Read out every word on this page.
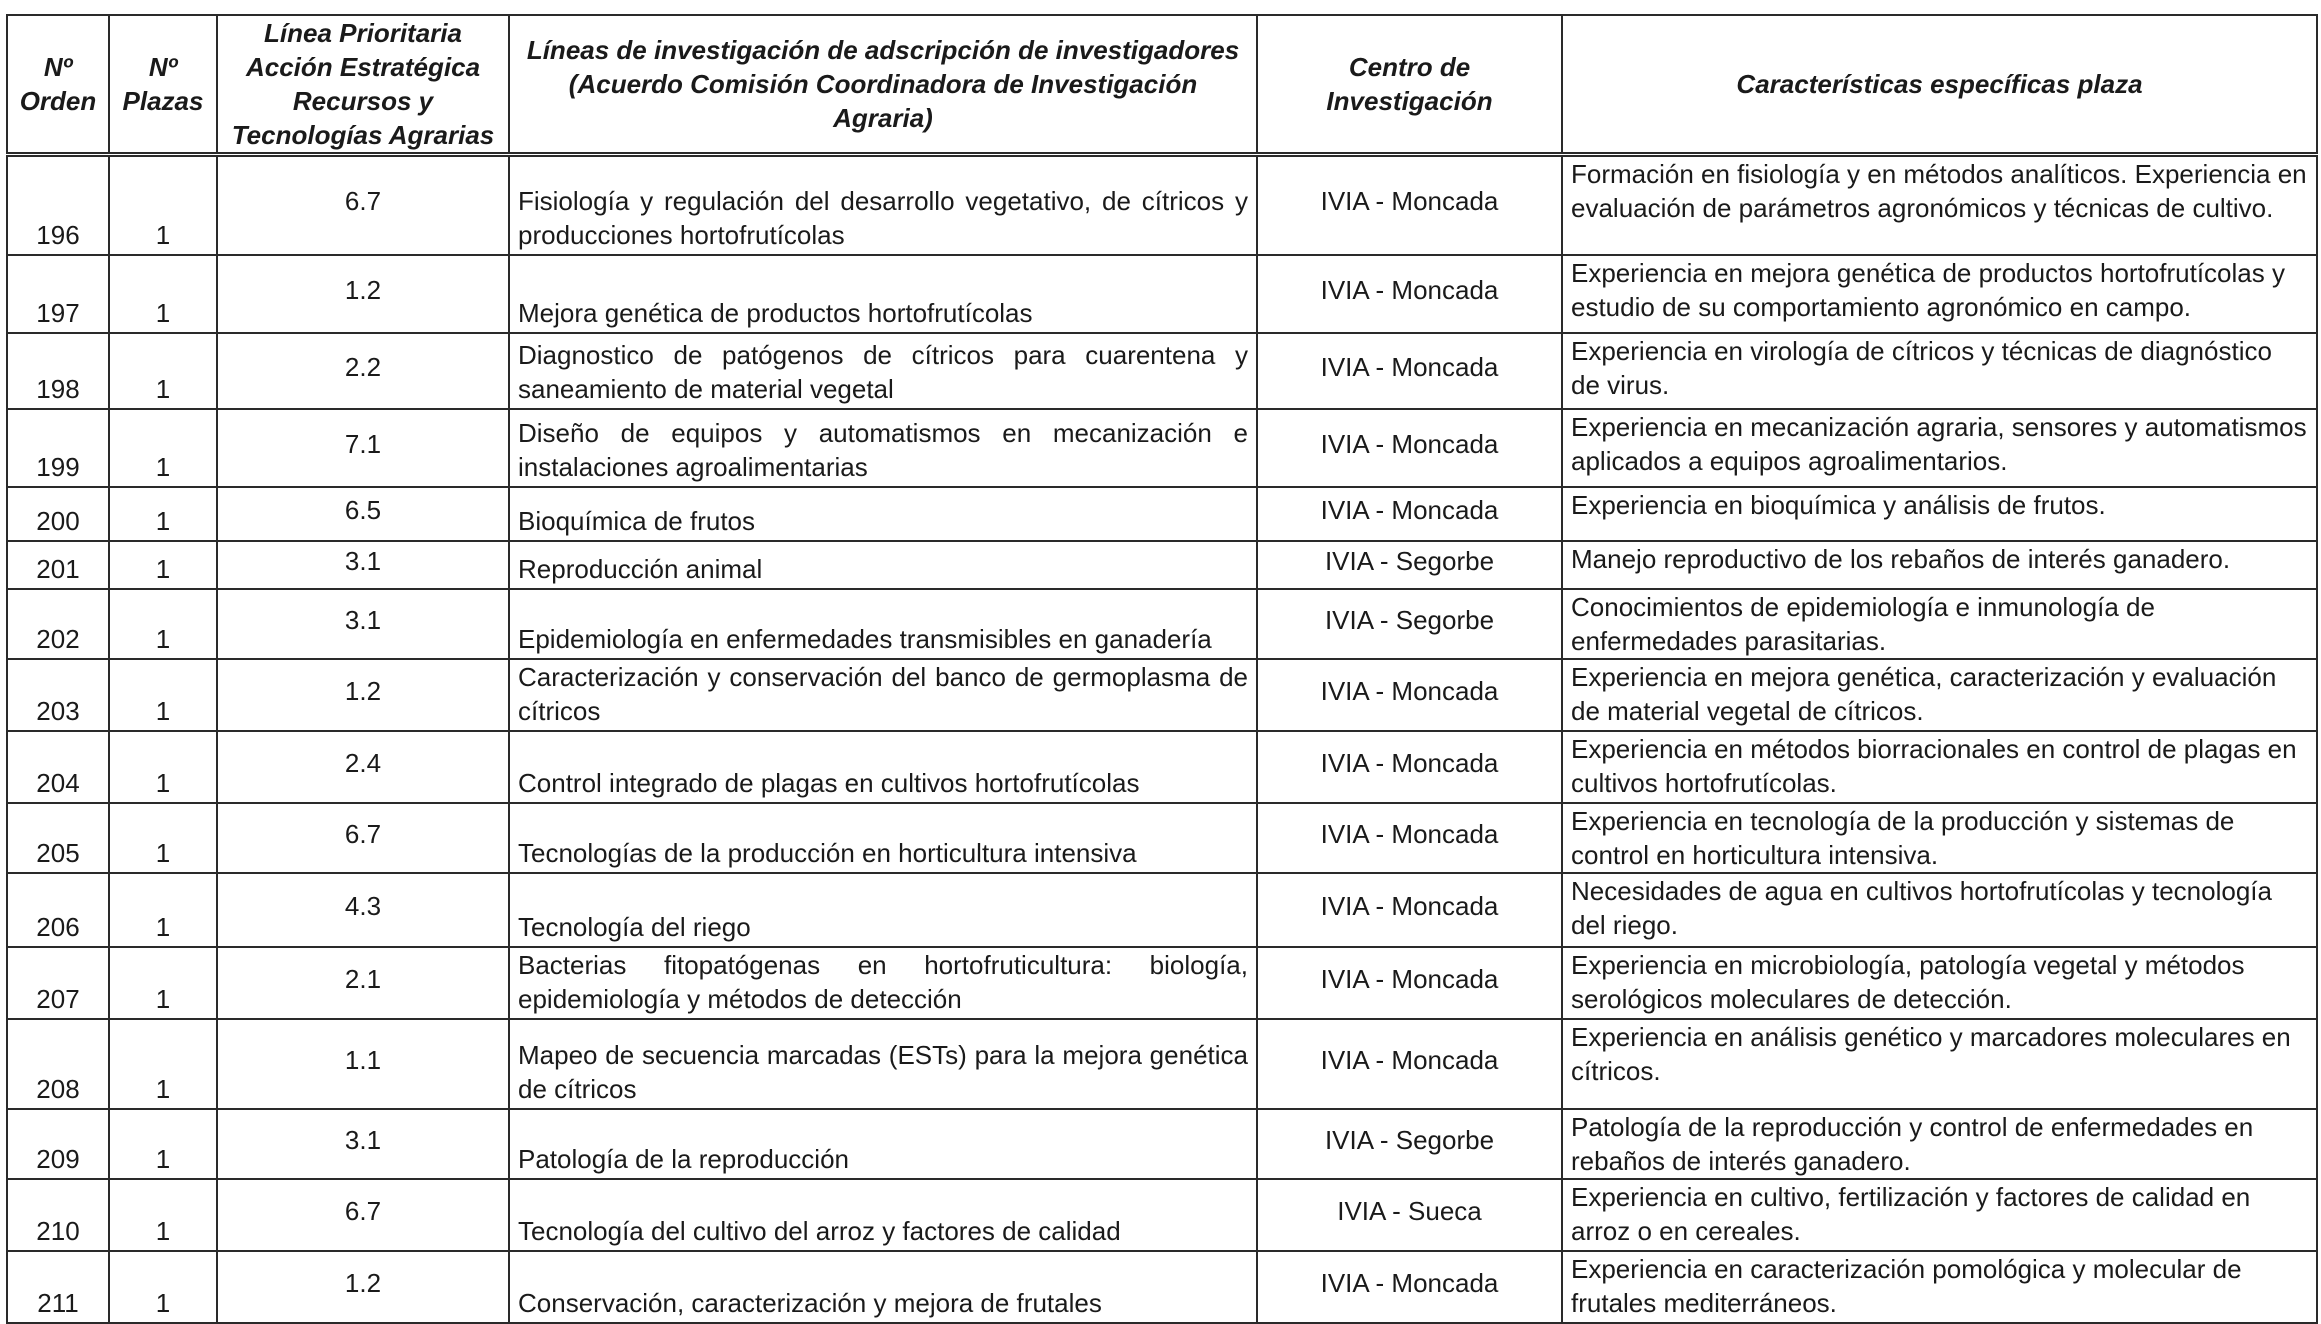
Nº Orden	Nº Plazas	Línea Prioritaria Acción Estratégica Recursos y Tecnologías Agrarias	Líneas de investigación de adscripción de investigadores (Acuerdo Comisión Coordinadora de Investigación Agraria)	Centro de Investigación	Características específicas plaza
196	1	6.7	Fisiología y regulación del desarrollo vegetativo, de cítricos y producciones hortofrutícolas	IVIA - Moncada	Formación en fisiología y en métodos analíticos. Experiencia en evaluación de parámetros agronómicos y técnicas de cultivo.
197	1	1.2	Mejora genética de productos hortofrutícolas	IVIA - Moncada	Experiencia en mejora genética de productos hortofrutícolas y estudio de su comportamiento agronómico en campo.
198	1	2.2	Diagnostico de patógenos de cítricos para cuarentena y saneamiento de material vegetal	IVIA - Moncada	Experiencia en virología de cítricos y técnicas de diagnóstico de virus.
199	1	7.1	Diseño de equipos y automatismos en mecanización e instalaciones agroalimentarias	IVIA - Moncada	Experiencia en mecanización agraria, sensores y automatismos aplicados a equipos agroalimentarios.
200	1	6.5	Bioquímica de frutos	IVIA - Moncada	Experiencia en bioquímica y análisis de frutos.
201	1	3.1	Reproducción animal	IVIA - Segorbe	Manejo reproductivo de los rebaños de interés ganadero.
202	1	3.1	Epidemiología en enfermedades transmisibles en ganadería	IVIA - Segorbe	Conocimientos de epidemiología e inmunología de enfermedades parasitarias.
203	1	1.2	Caracterización y conservación del banco de germoplasma de cítricos	IVIA - Moncada	Experiencia en mejora genética, caracterización y evaluación de material vegetal de cítricos.
204	1	2.4	Control integrado de plagas en cultivos hortofrutícolas	IVIA - Moncada	Experiencia en métodos biorracionales en control de plagas en cultivos hortofrutícolas.
205	1	6.7	Tecnologías de la producción en horticultura intensiva	IVIA - Moncada	Experiencia en tecnología de la producción y sistemas de control en horticultura intensiva.
206	1	4.3	Tecnología del riego	IVIA - Moncada	Necesidades de agua en cultivos hortofrutícolas y tecnología del riego.
207	1	2.1	Bacterias fitopatógenas en hortofruticultura: biología, epidemiología y métodos de detección	IVIA - Moncada	Experiencia en microbiología, patología vegetal y métodos serológicos moleculares de detección.
208	1	1.1	Mapeo de secuencia marcadas (ESTs) para la mejora genética de cítricos	IVIA - Moncada	Experiencia en análisis genético y marcadores moleculares en cítricos.
209	1	3.1	Patología de la reproducción	IVIA - Segorbe	Patología de la reproducción y control de enfermedades en rebaños de interés ganadero.
210	1	6.7	Tecnología del cultivo del arroz y factores de calidad	IVIA - Sueca	Experiencia en cultivo, fertilización y factores de calidad en arroz o en cereales.
211	1	1.2	Conservación, caracterización y mejora de frutales	IVIA - Moncada	Experiencia en caracterización pomológica y molecular de frutales mediterráneos.
